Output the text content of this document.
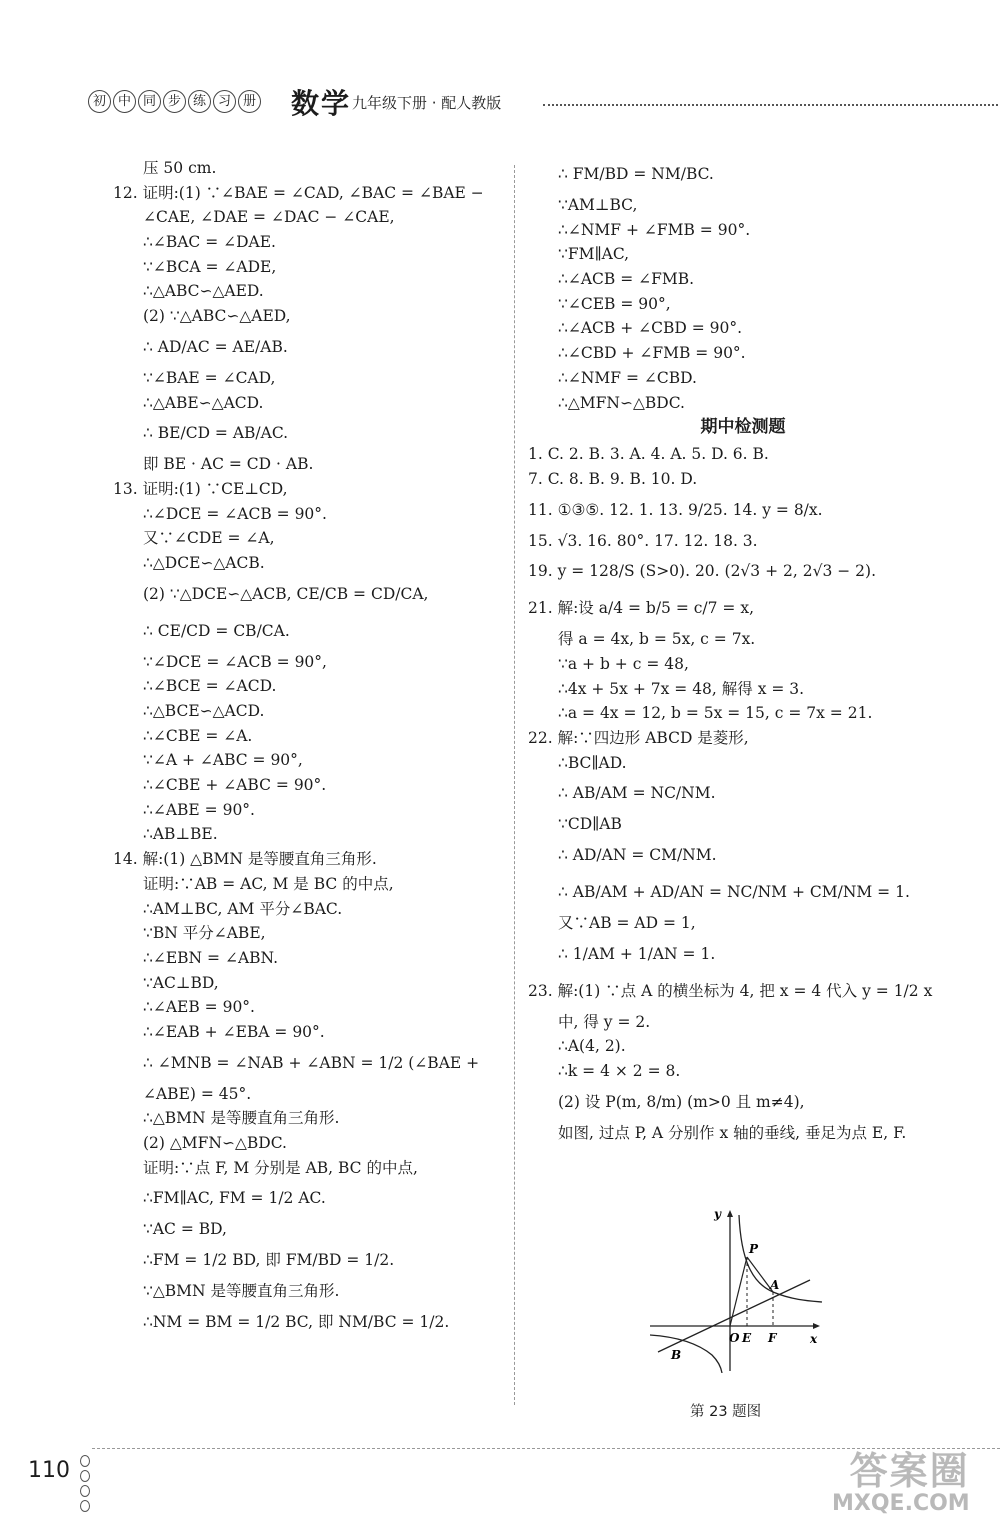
初 中 同 步 练 习 册 数学 九年级下册 · 配人教版
压 50 cm.
12. 证明:(1) ∵∠BAE = ∠CAD, ∠BAC = ∠BAE −
∠CAE, ∠DAE = ∠DAC − ∠CAE,
∴∠BAC = ∠DAE.
∵∠BCA = ∠ADE,
∴△ABC∽△AED.
(2) ∵△ABC∽△AED,
∴ AD/AC = AE/AB.
∵∠BAE = ∠CAD,
∴△ABE∽△ACD.
∴ BE/CD = AB/AC.
即 BE · AC = CD · AB.
13. 证明:(1) ∵CE⊥CD,
∴∠DCE = ∠ACB = 90°.
又∵∠CDE = ∠A,
∴△DCE∽△ACB.
(2) ∵△DCE∽△ACB, CE/CB = CD/CA,
∴ CE/CD = CB/CA.
∵∠DCE = ∠ACB = 90°,
∴∠BCE = ∠ACD.
∴△BCE∽△ACD.
∴∠CBE = ∠A.
∵∠A + ∠ABC = 90°,
∴∠CBE + ∠ABC = 90°.
∴∠ABE = 90°.
∴AB⊥BE.
14. 解:(1) △BMN 是等腰直角三角形.
证明:∵AB = AC, M 是 BC 的中点,
∴AM⊥BC, AM 平分∠BAC.
∵BN 平分∠ABE,
∴∠EBN = ∠ABN.
∵AC⊥BD,
∴∠AEB = 90°.
∴∠EAB + ∠EBA = 90°.
∴ ∠MNB = ∠NAB + ∠ABN = 1/2 (∠BAE +
∠ABE) = 45°.
∴△BMN 是等腰直角三角形.
(2) △MFN∽△BDC.
证明:∵点 F, M 分别是 AB, BC 的中点,
∴FM∥AC, FM = 1/2 AC.
∵AC = BD,
∴FM = 1/2 BD, 即 FM/BD = 1/2.
∵△BMN 是等腰直角三角形.
∴NM = BM = 1/2 BC, 即 NM/BC = 1/2.
∴ FM/BD = NM/BC.
∵AM⊥BC,
∴∠NMF + ∠FMB = 90°.
∵FM∥AC,
∴∠ACB = ∠FMB.
∵∠CEB = 90°,
∴∠ACB + ∠CBD = 90°.
∴∠CBD + ∠FMB = 90°.
∴∠NMF = ∠CBD.
∴△MFN∽△BDC.
期中检测题
1. C. 2. B. 3. A. 4. A. 5. D. 6. B.
7. C. 8. B. 9. B. 10. D.
11. ①③⑤. 12. 1. 13. 9/25. 14. y = 8/x.
15. √3. 16. 80°. 17. 12. 18. 3.
19. y = 128/S (S>0). 20. (2√3 + 2, 2√3 − 2).
21. 解:设 a/4 = b/5 = c/7 = x,
得 a = 4x, b = 5x, c = 7x.
∵a + b + c = 48,
∴4x + 5x + 7x = 48, 解得 x = 3.
∴a = 4x = 12, b = 5x = 15, c = 7x = 21.
22. 解:∵四边形 ABCD 是菱形,
∴BC∥AD.
∴ AB/AM = NC/NM.
∵CD∥AB
∴ AD/AN = CM/NM.
∴ AB/AM + AD/AN = NC/NM + CM/NM = 1.
又∵AB = AD = 1,
∴ 1/AM + 1/AN = 1.
23. 解:(1) ∵点 A 的横坐标为 4, 把 x = 4 代入 y = 1/2 x
中, 得 y = 2.
∴A(4, 2).
∴k = 4 × 2 = 8.
(2) 设 P(m, 8/m) (m>0 且 m≠4),
如图, 过点 P, A 分别作 x 轴的垂线, 垂足为点 E, F.
y
x
O E F
P
A
B
第 23 题图
110	答案圈
MXQE.COM
